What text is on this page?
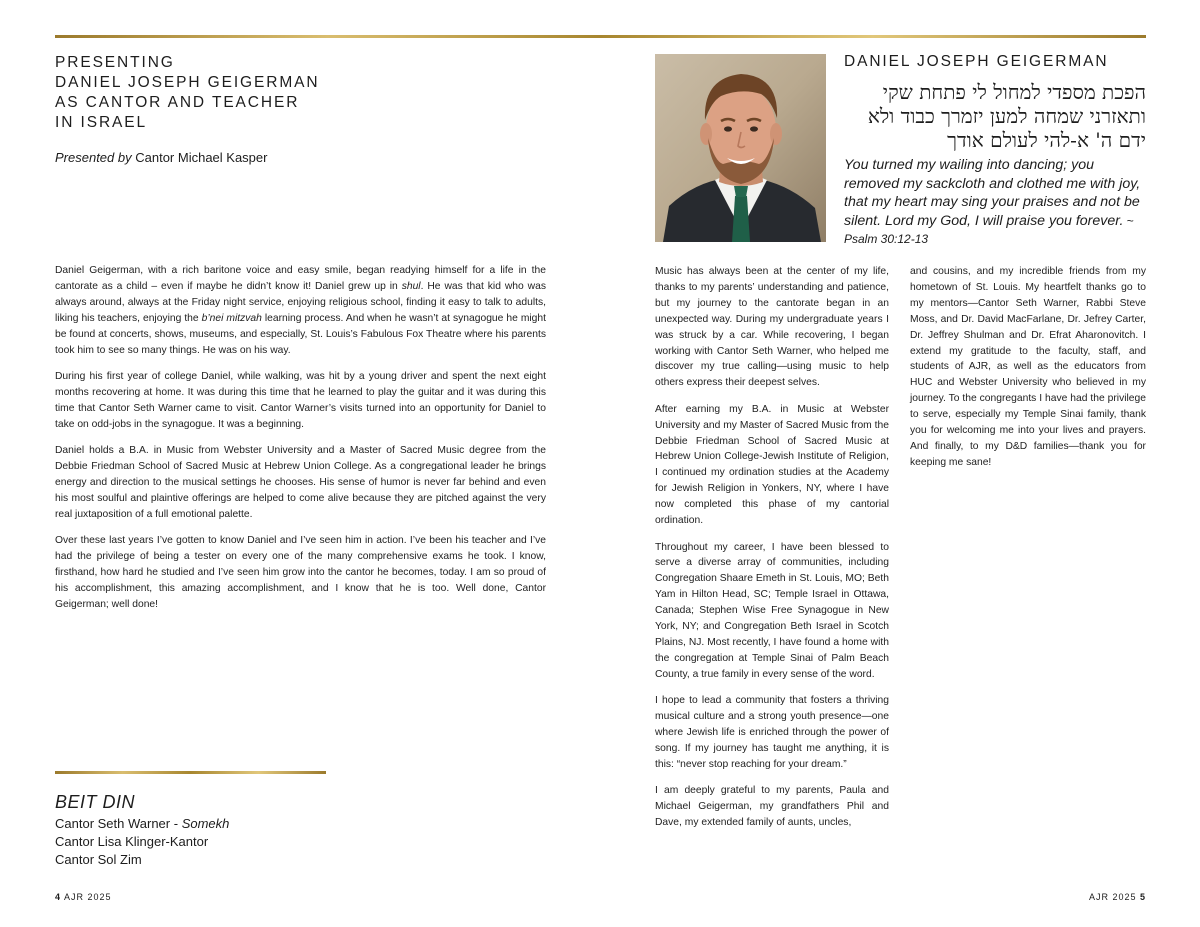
PRESENTING
DANIEL JOSEPH GEIGERMAN
AS CANTOR AND TEACHER
IN ISRAEL
Presented by Cantor Michael Kasper

Daniel Geigerman, with a rich baritone voice and easy smile, began readying himself for a life in the cantorate as a child – even if maybe he didn’t know it! Daniel grew up in shul. He was that kid who was always around, always at the Friday night service, enjoying religious school, finding it easy to talk to adults, liking his teachers, enjoying the b’nei mitzvah learning process. And when he wasn’t at synagogue he might be found at concerts, shows, museums, and especially, St. Louis’s Fabulous Fox Theatre where his parents took him to see so many things. He was on his way.

During his first year of college Daniel, while walking, was hit by a young driver and spent the next eight months recovering at home. It was during this time that he learned to play the guitar and it was during this time that Cantor Seth Warner came to visit. Cantor Warner’s visits turned into an opportunity for Daniel to take on odd-jobs in the synagogue. It was a beginning.

Daniel holds a B.A. in Music from Webster University and a Master of Sacred Music degree from the Debbie Friedman School of Sacred Music at Hebrew Union College. As a congregational leader he brings energy and direction to the musical settings he chooses. His sense of humor is never far behind and even his most soulful and plaintive offerings are helped to come alive because they are pitched against the very real juxtaposition of a full emotional palette.

Over these last years I’ve gotten to know Daniel and I’ve seen him in action. I’ve been his teacher and I’ve had the privilege of being a tester on every one of the many comprehensive exams he took. I know, firsthand, how hard he studied and I’ve seen him grow into the cantor he becomes, today. I am so proud of his accomplishment, this amazing accomplishment, and I know that he is too. Well done, Cantor Geigerman; well done!

BEIT DIN
Cantor Seth Warner - Somekh
Cantor Lisa Klinger-Kantor
Cantor Sol Zim
4 AJR 2025
DANIEL JOSEPH GEIGERMAN
הפכת מספדי למחול לי פתחת שקי
ותאזרני שמחה למען יזמרך כבוד ולא
ידם ה' א-להי לעולם אודך
You turned my wailing into dancing; you removed my sackcloth and clothed me with joy, that my heart may sing your praises and not be silent. Lord my God, I will praise you forever. ~ Psalm 30:12-13

Music has always been at the center of my life, thanks to my parents’ understanding and patience, but my journey to the cantorate began in an unexpected way. During my undergraduate years I was struck by a car. While recovering, I began working with Cantor Seth Warner, who helped me discover my true calling—using music to help others express their deepest selves.

After earning my B.A. in Music at Webster University and my Master of Sacred Music from the Debbie Friedman School of Sacred Music at Hebrew Union College-Jewish Institute of Religion, I continued my ordination studies at the Academy for Jewish Religion in Yonkers, NY, where I have now completed this phase of my cantorial ordination.

Throughout my career, I have been blessed to serve a diverse array of communities, including Congregation Shaare Emeth in St. Louis, MO; Beth Yam in Hilton Head, SC; Temple Israel in Ottawa, Canada; Stephen Wise Free Synagogue in New York, NY; and Congregation Beth Israel in Scotch Plains, NJ. Most recently, I have found a home with the congregation at Temple Sinai of Palm Beach County, a true family in every sense of the word.

I hope to lead a community that fosters a thriving musical culture and a strong youth presence—one where Jewish life is enriched through the power of song. If my journey has taught me anything, it is this: “never stop reaching for your dream.”

I am deeply grateful to my parents, Paula and Michael Geigerman, my grandfathers Phil and Dave, my extended family of aunts, uncles,

and cousins, and my incredible friends from my hometown of St. Louis. My heartfelt thanks go to my mentors—Cantor Seth Warner, Rabbi Steve Moss, and Dr. David MacFarlane, Dr. Jefrey Carter, Dr. Jeffrey Shulman and Dr. Efrat Aharonovitch. I extend my gratitude to the faculty, staff, and students of AJR, as well as the educators from HUC and Webster University who believed in my journey. To the congregants I have had the privilege to serve, especially my Temple Sinai family, thank you for welcoming me into your lives and prayers. And finally, to my D&D families—thank you for keeping me sane!

AJR 2025 5
